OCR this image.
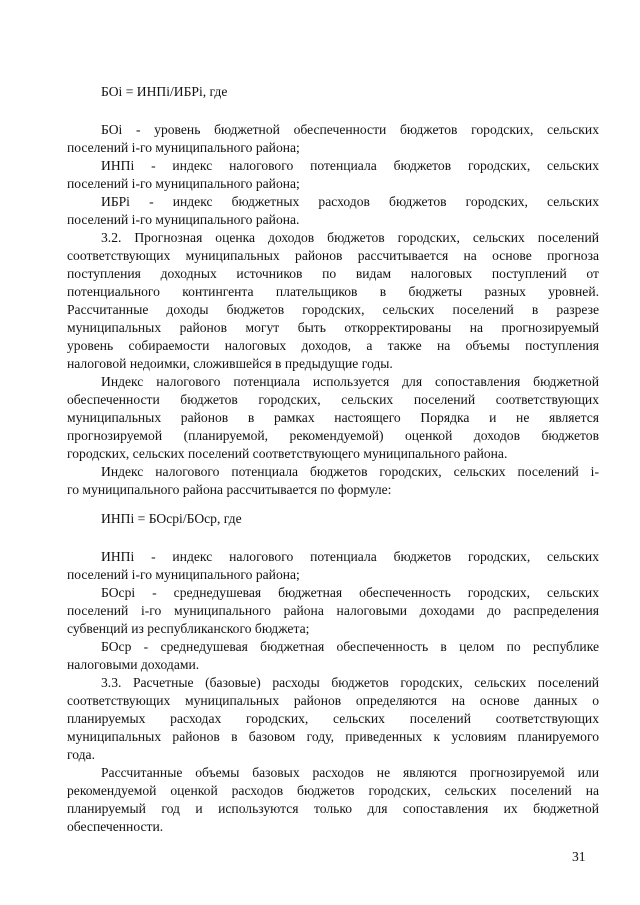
БОi = ИНПi/ИБРi, где
БОi - уровень бюджетной обеспеченности бюджетов городских, сельских
поселений i-го муниципального района;
ИНПi - индекс налогового потенциала бюджетов городских, сельских
поселений i-го муниципального района;
ИБРi - индекс бюджетных расходов бюджетов городских, сельских
поселений i-го муниципального района.
3.2. Прогнозная оценка доходов бюджетов городских, сельских поселений
соответствующих муниципальных районов рассчитывается на основе прогноза
поступления доходных источников по видам налоговых поступлений от
потенциального контингента плательщиков в бюджеты разных уровней.
Рассчитанные доходы бюджетов городских, сельских поселений в разрезе
муниципальных районов могут быть откорректированы на прогнозируемый
уровень собираемости налоговых доходов, а также на объемы поступления
налоговой недоимки, сложившейся в предыдущие годы.
Индекс налогового потенциала используется для сопоставления бюджетной
обеспеченности бюджетов городских, сельских поселений соответствующих
муниципальных районов в рамках настоящего Порядка и не является
прогнозируемой (планируемой, рекомендуемой) оценкой доходов бюджетов
городских, сельских поселений соответствующего муниципального района.
Индекс налогового потенциала бюджетов городских, сельских поселений i-
го муниципального района рассчитывается по формуле:
ИНПi = БОсрi/БОср, где
ИНПi - индекс налогового потенциала бюджетов городских, сельских
поселений i-го муниципального района;
БОсрi - среднедушевая бюджетная обеспеченность городских, сельских
поселений i-го муниципального района налоговыми доходами до распределения
субвенций из республиканского бюджета;
БОср - среднедушевая бюджетная обеспеченность в целом по республике
налоговыми доходами.
3.3. Расчетные (базовые) расходы бюджетов городских, сельских поселений
соответствующих муниципальных районов определяются на основе данных о
планируемых расходах городских, сельских поселений соответствующих
муниципальных районов в базовом году, приведенных к условиям планируемого
года.
Рассчитанные объемы базовых расходов не являются прогнозируемой или
рекомендуемой оценкой расходов бюджетов городских, сельских поселений на
планируемый год и используются только для сопоставления их бюджетной
обеспеченности.
31
